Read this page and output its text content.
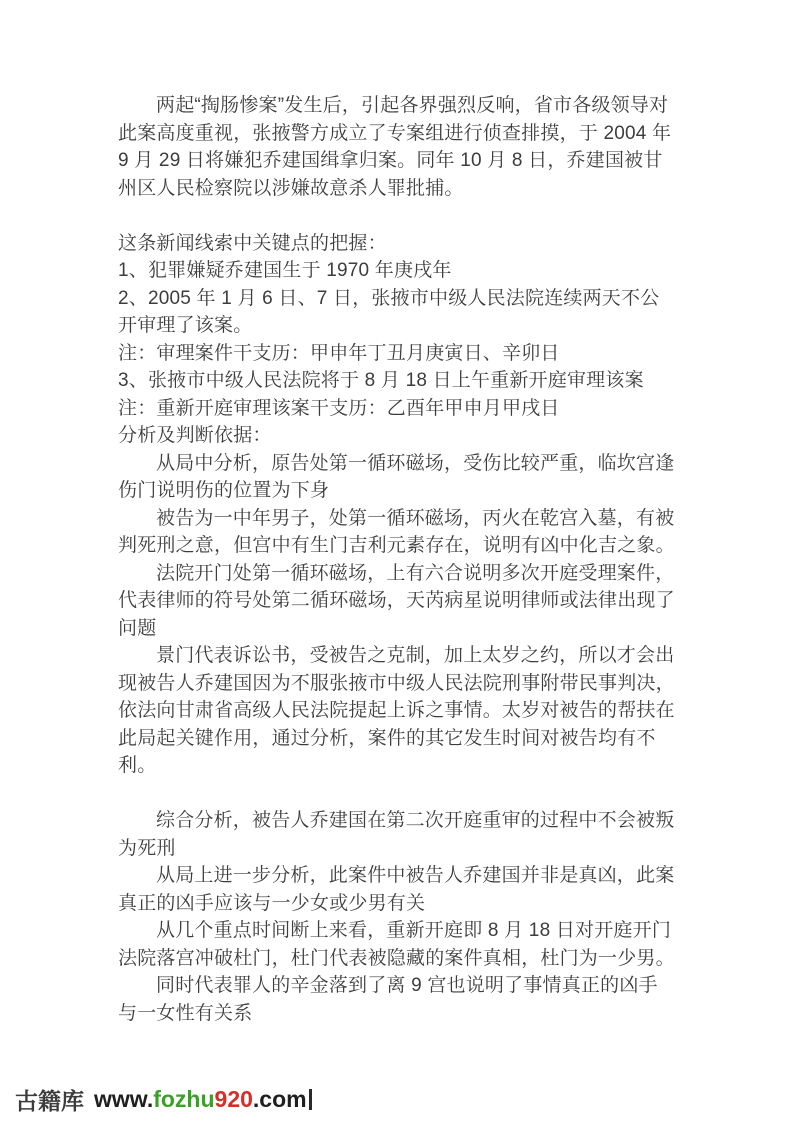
两起“掏肠惨案”发生后，引起各界强烈反响，省市各级领导对此案高度重视，张掖警方成立了专案组进行侦查排摸，于 2004 年 9 月 29 日将嫌犯乔建国缉拿归案。同年 10 月 8 日，乔建国被甘州区人民检察院以涉嫌故意杀人罪批捕。

这条新闻线索中关键点的把握：

1、犯罪嫌疑乔建国生于 1970 年庚戌年

2、2005 年 1 月 6 日、7 日，张掖市中级人民法院连续两天不公开审理了该案。

注：审理案件干支历：甲申年丁丑月庚寅日、辛卯日

3、张掖市中级人民法院将于 8 月 18 日上午重新开庭审理该案

注：重新开庭审理该案干支历：乙酉年甲申月甲戌日

分析及判断依据：

从局中分析，原告处第一循环磁场，受伤比较严重，临坎宫逢伤门说明伤的位置为下身

被告为一中年男子，处第一循环磁场，丙火在乾宫入墓，有被判死刑之意，但宫中有生门吉利元素存在，说明有凶中化吉之象。

法院开门处第一循环磁场，上有六合说明多次开庭受理案件，代表律师的符号处第二循环磁场，天芮病星说明律师或法律出现了问题

景门代表诉讼书，受被告之克制，加上太岁之约，所以才会出现被告人乔建国因为不服张掖市中级人民法院刑事附带民事判决，依法向甘肃省高级人民法院提起上诉之事情。太岁对被告的帮扶在此局起关键作用，通过分析，案件的其它发生时间对被告均有不利。

综合分析，被告人乔建国在第二次开庭重审的过程中不会被叛为死刑

从局上进一步分析，此案件中被告人乔建国并非是真凶，此案真正的凶手应该与一少女或少男有关

从几个重点时间断上来看，重新开庭即 8 月 18 日对开庭开门法院落宫冲破杜门，杜门代表被隐藏的案件真相，杜门为一少男。

同时代表罪人的辛金落到了离 9 宫也说明了事情真正的凶手与一女性有关系

古籍库 www. fozhu 920 .com
